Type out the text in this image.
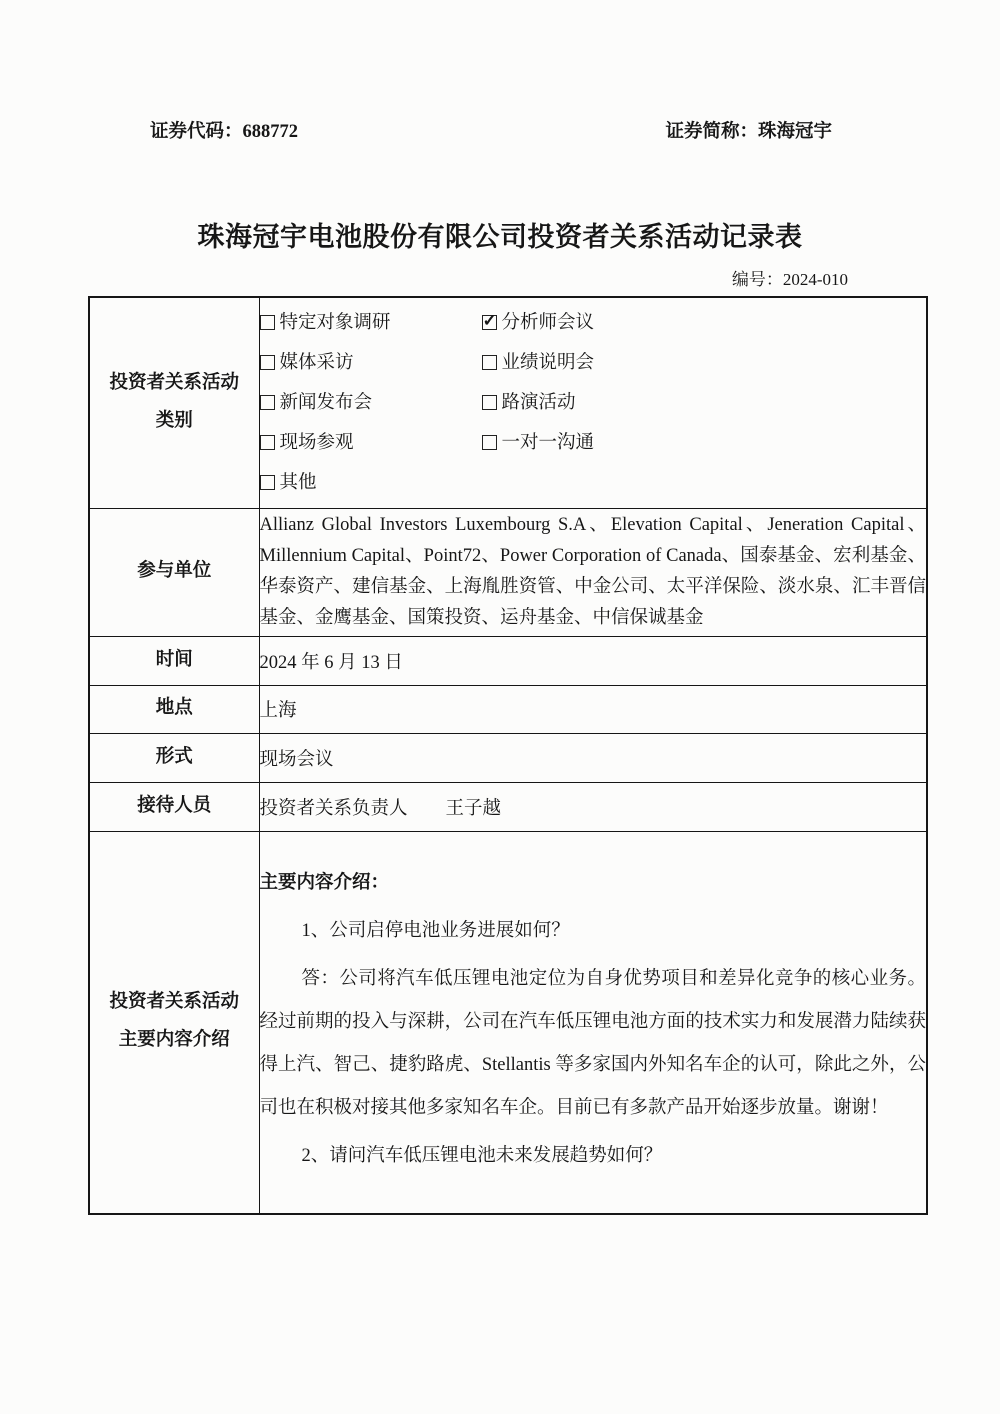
证券代码：688772	证券简称：珠海冠宇
珠海冠宇电池股份有限公司投资者关系活动记录表
编号：2024-010
投资者关系活动类别

特定对象调研 ✓	分析师会议
媒体采访	业绩说明会
新闻发布会	路演活动
现场参观	一对一沟通
其他

参与单位	Allianz Global Investors Luxembourg S.A、Elevation Capital、Jeneration Capital、Millennium Capital、Point72、Power Corporation of Canada、国泰基金、宏利基金、华泰资产、建信基金、上海胤胜资管、中金公司、太平洋保险、淡水泉、汇丰晋信基金、金鹰基金、国策投资、运舟基金、中信保诚基金

时间	2024 年 6 月 13 日

地点	上海

形式	现场会议

接待人员	投资者关系负责人 王子越

投资者关系活动主要内容介绍	主要内容介绍：

1、公司启停电池业务进展如何？

答：公司将汽车低压锂电池定位为自身优势项目和差异化竞争的核心业务。经过前期的投入与深耕，公司在汽车低压锂电池方面的技术实力和发展潜力陆续获得上汽、智己、捷豹路虎、Stellantis 等多家国内外知名车企的认可，除此之外，公司也在积极对接其他多家知名车企。目前已有多款产品开始逐步放量。谢谢！

2、请问汽车低压锂电池未来发展趋势如何？
